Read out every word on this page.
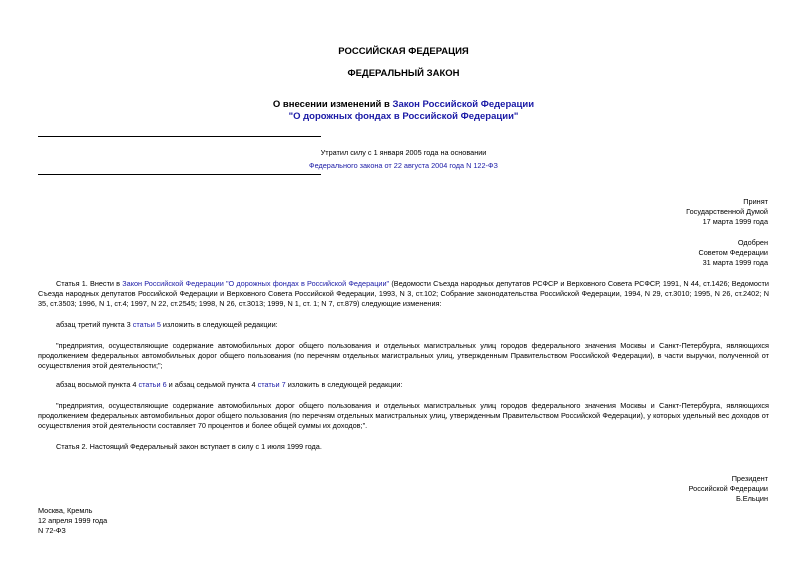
РОССИЙСКАЯ ФЕДЕРАЦИЯ
ФЕДЕРАЛЬНЫЙ ЗАКОН
О внесении изменений в Закон Российской Федерации
"О дорожных фондах в Российской Федерации"
Утратил силу с 1 января 2005 года на основании
Федерального закона от 22 августа 2004 года N 122-ФЗ
Принят
Государственной Думой
17 марта 1999 года
Одобрен
Советом Федерации
31 марта 1999 года
Статья 1. Внести в Закон Российской Федерации "О дорожных фондах в Российской Федерации" (Ведомости Съезда народных депутатов РСФСР и Верховного Совета РСФСР, 1991, N 44, ст.1426; Ведомости Съезда народных депутатов Российской Федерации и Верховного Совета Российской Федерации, 1993, N 3, ст.102; Собрание законодательства Российской Федерации, 1994, N 29, ст.3010; 1995, N 26, ст.2402; N 35, ст.3503; 1996, N 1, ст.4; 1997, N 22, ст.2545; 1998, N 26, ст.3013; 1999, N 1, ст. 1; N 7, ст.879) следующие изменения:
абзац третий пункта 3 статьи 5 изложить в следующей редакции:
"предприятия, осуществляющие содержание автомобильных дорог общего пользования и отдельных магистральных улиц городов федерального значения Москвы и Санкт-Петербурга, являющихся продолжением федеральных автомобильных дорог общего пользования (по перечням отдельных магистральных улиц, утвержденным Правительством Российской Федерации), в части выручки, полученной от осуществления этой деятельности;";
абзац восьмой пункта 4 статьи 6 и абзац седьмой пункта 4 статьи 7 изложить в следующей редакции:
"предприятия, осуществляющие содержание автомобильных дорог общего пользования и отдельных магистральных улиц городов федерального значения Москвы и Санкт-Петербурга, являющихся продолжением федеральных автомобильных дорог общего пользования (по перечням отдельных магистральных улиц, утвержденным Правительством Российской Федерации), у которых удельный вес доходов от осуществления этой деятельности составляет 70 процентов и более общей суммы их доходов;".
Статья 2. Настоящий Федеральный закон вступает в силу с 1 июля 1999 года.
Президент
Российской Федерации
Б.Ельцин
Москва, Кремль
12 апреля 1999 года
N 72-ФЗ
